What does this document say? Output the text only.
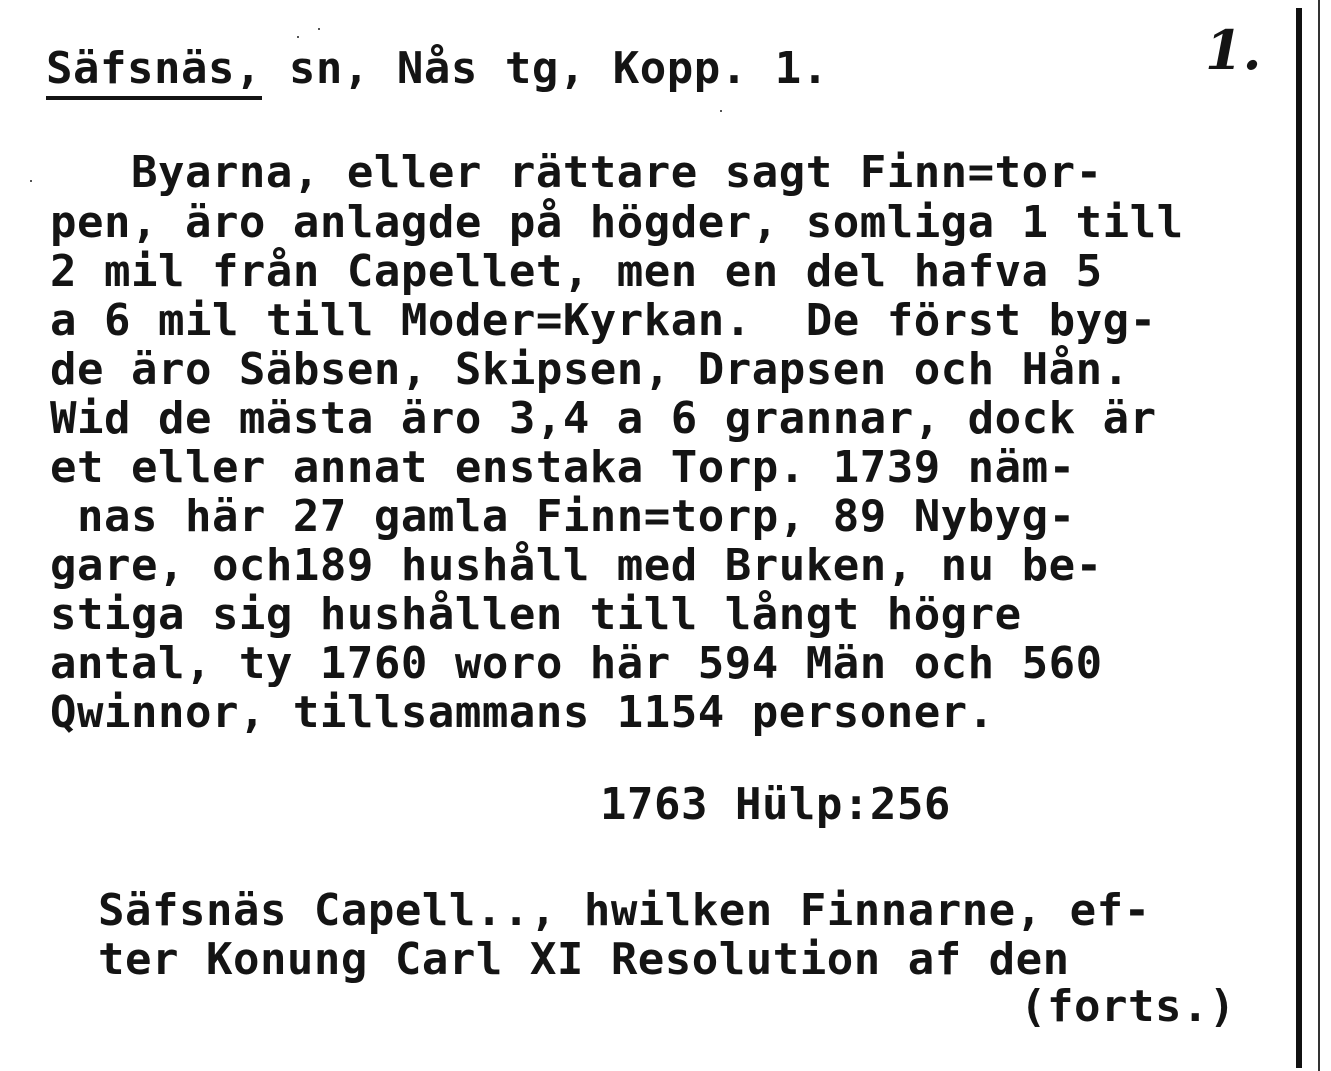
1.
Säfsnäs, sn, Nås tg, Kopp. 1.
Byarna, eller rättare sagt Finn=tor-
pen, äro anlagde på högder, somliga 1 till
2 mil från Capellet, men en del hafva 5
a 6 mil till Moder=Kyrkan.  De först byg-
de äro Säbsen, Skipsen, Drapsen och Hån.
Wid de mästa äro 3,4 a 6 grannar, dock är
et eller annat enstaka Torp. 1739 näm-
nas här 27 gamla Finn=torp, 89 Nybyg-
gare, och189 hushåll med Bruken, nu be-
stiga sig hushållen till långt högre
antal, ty 1760 woro här 594 Män och 560
Qwinnor, tillsammans 1154 personer.
1763 Hülp:256
Säfsnäs Capell.., hwilken Finnarne, ef-
ter Konung Carl XI Resolution af den
(forts.)
